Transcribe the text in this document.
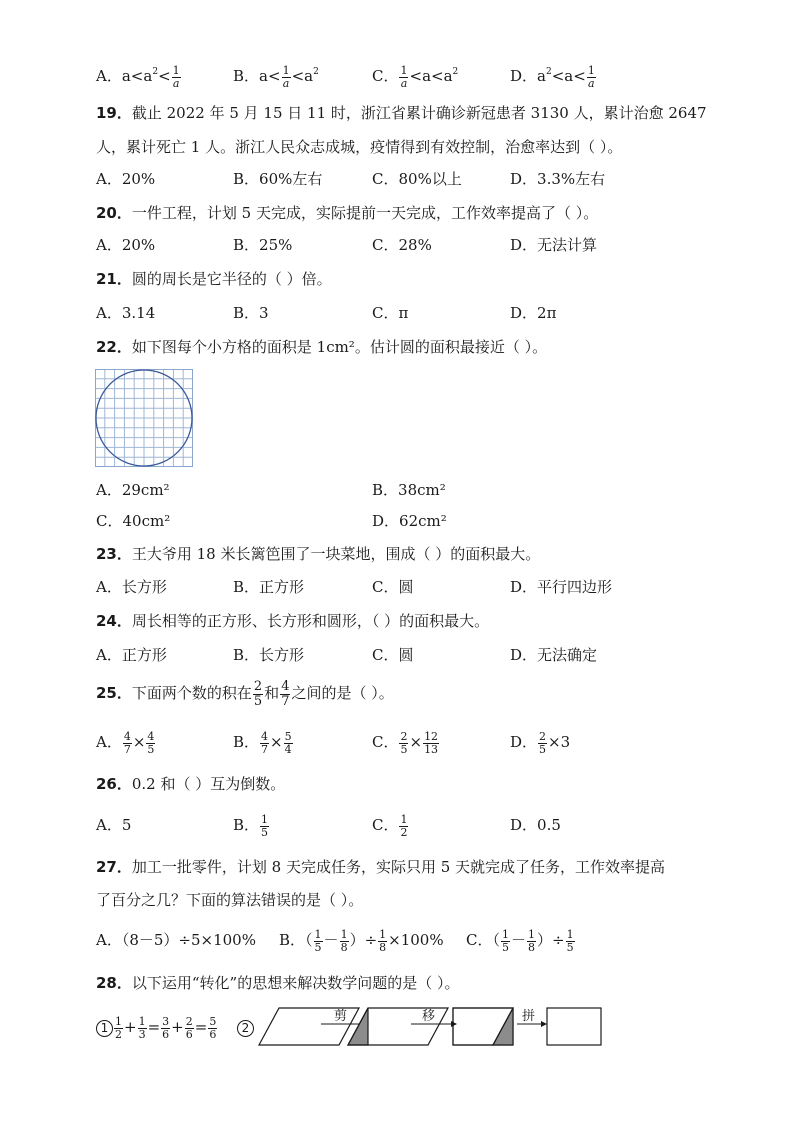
A．$a<a^2< \frac{1}{a}$	B．$a< \frac{1}{a} <a^2$	C． $\frac{1}{a} <a<a^2$	D．$a^2<a< \frac{1}{a}$
19．截止 2022 年 5 月 15 日 11 时，浙江省累计确诊新冠患者 3130 人，累计治愈 2647
人，累计死亡 1 人。浙江人民众志成城，疫情得到有效控制，治愈率达到（ ）。
A．20%	B．60%左右	C．80%以上	D．3.3%左右
20．一件工程，计划 5 天完成，实际提前一天完成，工作效率提高了（ ）。
A．20%	B．25%	C．28%	D．无法计算
21．圆的周长是它半径的（ ）倍。
A．3.14	B．3	C．π	D．2π
22．如下图每个小方格的面积是 1cm²。估计圆的面积最接近（ ）。
A．29cm²	B．38cm²
C．40cm²	D．62cm²
23．王大爷用 18 米长篱笆围了一块菜地，围成（ ）的面积最大。
A．长方形	B．正方形	C．圆	D．平行四边形
24．周长相等的正方形、长方形和圆形，（ ）的面积最大。
A．正方形	B．长方形	C．圆	D．无法确定
25．下面两个数的积在 $\frac{2}{5}$ 和 $\frac{4}{7}$ 之间的是（ ）。
A． $\frac{4}{7} \times \frac{4}{5}$	B． $\frac{4}{7} \times \frac{5}{4}$	C． $\frac{2}{5} \times \frac{12}{13}$	D． $\frac{2}{5} \times 3$
26．0.2 和（ ）互为倒数。
A．5	B． $\frac{1}{5}$	C． $\frac{1}{2}$	D．0.5
27．加工一批零件，计划 8 天完成任务，实际只用 5 天就完成了任务，工作效率提高
了百分之几？下面的算法错误的是（ ）。
A．（8－5）÷5×100% B．（ $\frac{1}{5} - \frac{1}{8}$ ）÷ $\frac{1}{8} \times 100\%$ C．（ $\frac{1}{5} - \frac{1}{8}$ ）÷ $\frac{1}{5}$
28．以下运用“转化”的思想来解决数学问题的是（ ）。
$1 \frac{1}{2} + \frac{1}{3} = \frac{3}{6} + \frac{2}{6} = \frac{5}{6}$	2
剪	移	拼
